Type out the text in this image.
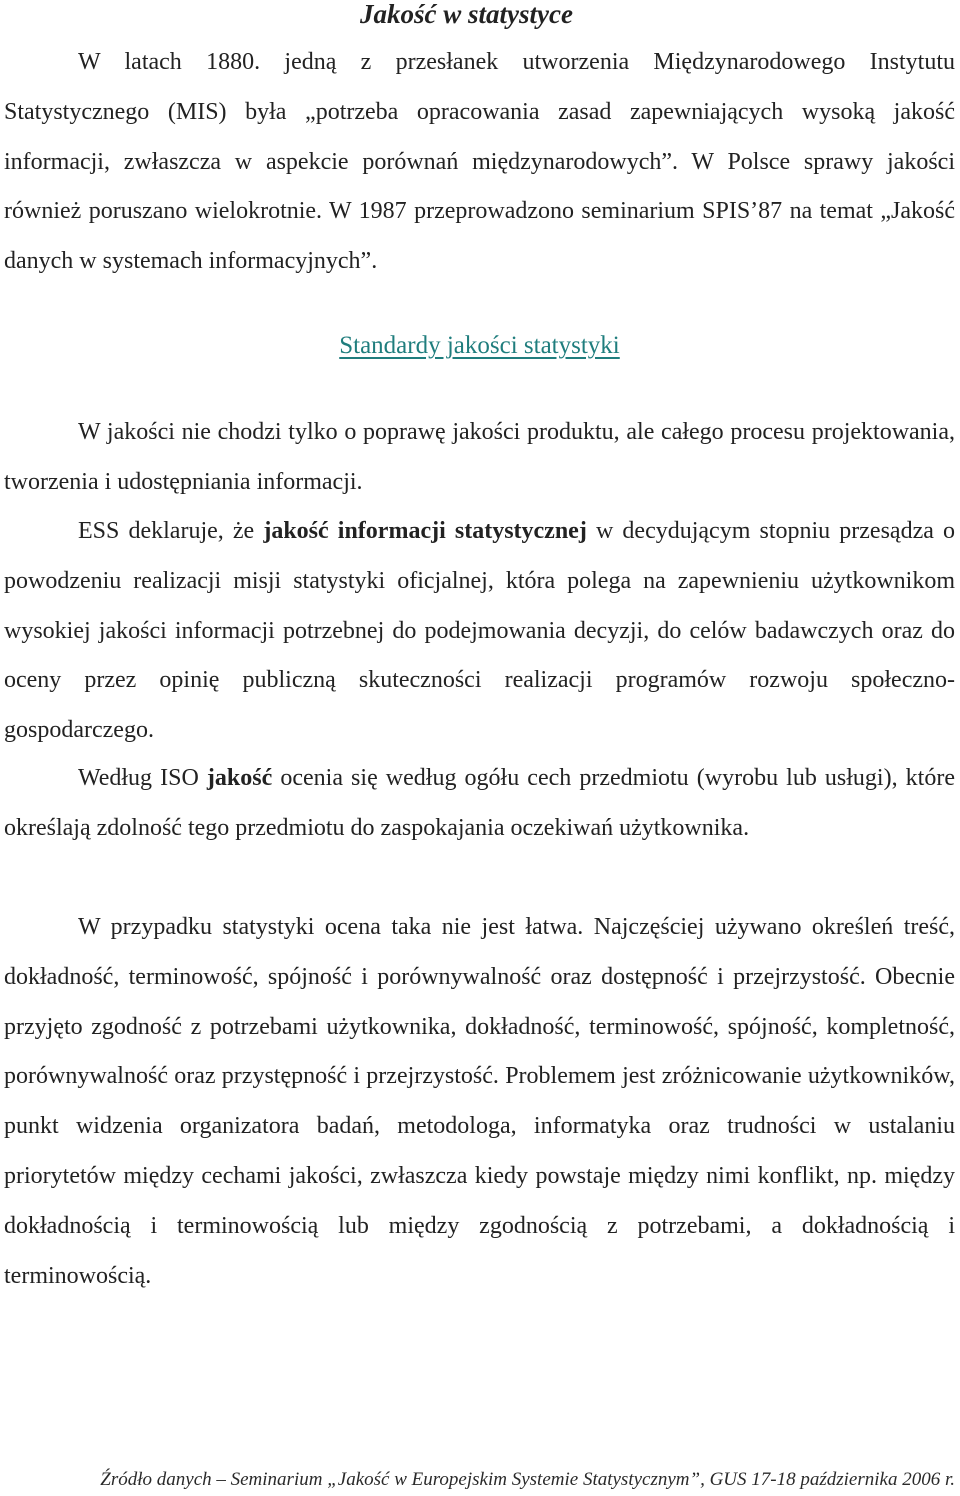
Jakość w statystyce

W latach 1880. jedną z przesłanek utworzenia Międzynarodowego Instytutu Statystycznego (MIS) była „potrzeba opracowania zasad zapewniających wysoką jakość informacji, zwłaszcza w aspekcie porównań międzynarodowych”. W Polsce sprawy jakości również poruszano wielokrotnie. W 1987 przeprowadzono seminarium SPIS’87 na temat „Jakość danych w systemach informacyjnych”.

Standardy jakości statystyki

W jakości nie chodzi tylko o poprawę jakości produktu, ale całego procesu projektowania, tworzenia i udostępniania informacji.

ESS deklaruje, że jakość informacji statystycznej w decydującym stopniu przesądza o powodzeniu realizacji misji statystyki oficjalnej, która polega na zapewnieniu użytkownikom wysokiej jakości informacji potrzebnej do podejmowania decyzji, do celów badawczych oraz do oceny przez opinię publiczną skuteczności realizacji programów rozwoju społeczno-gospodarczego.

Według ISO jakość ocenia się według ogółu cech przedmiotu (wyrobu lub usługi), które określają zdolność tego przedmiotu do zaspokajania oczekiwań użytkownika.

W przypadku statystyki ocena taka nie jest łatwa. Najczęściej używano określeń treść, dokładność, terminowość, spójność i porównywalność oraz dostępność i przejrzystość. Obecnie przyjęto zgodność z potrzebami użytkownika, dokładność, terminowość, spójność, kompletność, porównywalność oraz przystępność i przejrzystość. Problemem jest zróżnicowanie użytkowników, punkt widzenia organizatora badań, metodologa, informatyka oraz trudności w ustalaniu priorytetów między cechami jakości, zwłaszcza kiedy powstaje między nimi konflikt, np. między dokładnością i terminowością lub między zgodnością z potrzebami, a dokładnością i terminowością.

Źródło danych – Seminarium „Jakość w Europejskim Systemie Statystycznym”, GUS 17-18 października 2006 r.
